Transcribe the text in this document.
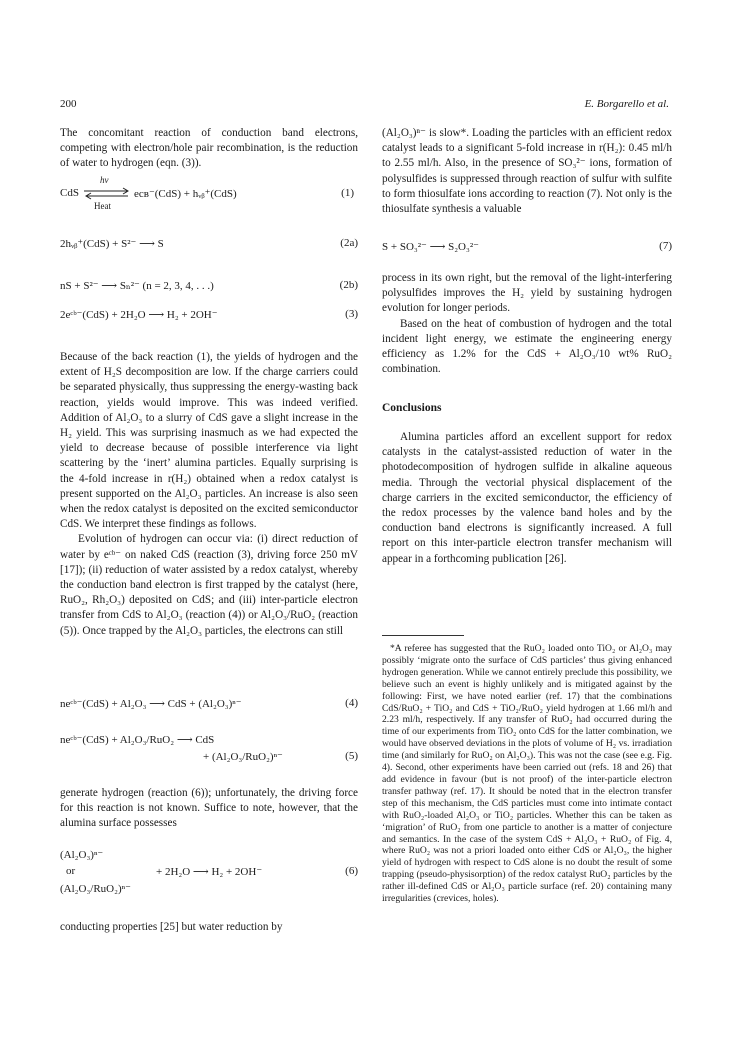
200	E. Borgarello et al.

The concomitant reaction of conduction band electrons, competing with electron/hole pair recombination, is the reduction of water to hydrogen (eqn. (3)).

CdS
hν
Heat
eсв⁻(CdS) + hᵥᵦ⁺(CdS)	(1)
2hᵥᵦ⁺(CdS) + S²⁻ ⟶ S	(2a)
nS + S²⁻ ⟶ Sₙ²⁻ (n = 2, 3, 4, . . .)	(2b)
2eᶜᵇ⁻(CdS) + 2H₂O ⟶ H₂ + 2OH⁻	(3)

Because of the back reaction (1), the yields of hydrogen and the extent of H₂S decomposition are low. If the charge carriers could be separated physically, thus suppressing the energy-wasting back reaction, yields would improve. This was indeed verified. Addition of Al₂O₃ to a slurry of CdS gave a slight increase in the H₂ yield. This was surprising inasmuch as we had expected the yield to decrease because of possible interference via light scattering by the ‘inert’ alumina particles. Equally surprising is the 4-fold increase in r(H₂) obtained when a redox catalyst is present supported on the Al₂O₃ particles. An increase is also seen when the redox catalyst is deposited on the excited semiconductor CdS. We interpret these findings as follows.

Evolution of hydrogen can occur via: (i) direct reduction of water by eᶜᵇ⁻ on naked CdS (reaction (3), driving force 250 mV [17]); (ii) reduction of water assisted by a redox catalyst, whereby the conduction band electron is first trapped by the catalyst (here, RuO₂, Rh₂O₃) deposited on CdS; and (iii) inter-particle electron transfer from CdS to Al₂O₃ (reaction (4)) or Al₂O₃/RuO₂ (reaction (5)). Once trapped by the Al₂O₃ particles, the electrons can still

neᶜᵇ⁻(CdS) + Al₂O₃ ⟶ CdS + (Al₂O₃)ⁿ⁻	(4)
neᶜᵇ⁻(CdS) + Al₂O₃/RuO₂ ⟶ CdS
+ (Al₂O₃/RuO₂)ⁿ⁻	(5)

generate hydrogen (reaction (6)); unfortunately, the driving force for this reaction is not known. Suffice to note, however, that the alumina surface possesses

(Al₂O₃)ⁿ⁻
or	+ 2H₂O ⟶ H₂ + 2OH⁻
(Al₂O₃/RuO₂)ⁿ⁻
(6)

conducting properties [25] but water reduction by

(Al₂O₃)ⁿ⁻ is slow*. Loading the particles with an efficient redox catalyst leads to a significant 5-fold increase in r(H₂): 0.45 ml/h to 2.55 ml/h. Also, in the presence of SO₃²⁻ ions, formation of polysulfides is suppressed through reaction of sulfur with sulfite to form thiosulfate ions according to reaction (7). Not only is the thiosulfate synthesis a valuable

S + SO₃²⁻ ⟶ S₂O₃²⁻	(7)

process in its own right, but the removal of the light-interfering polysulfides improves the H₂ yield by sustaining hydrogen evolution for longer periods.

Based on the heat of combustion of hydrogen and the total incident light energy, we estimate the engineering energy efficiency as 1.2% for the CdS + Al₂O₃/10 wt% RuO₂ combination.

Conclusions

Alumina particles afford an excellent support for redox catalysts in the catalyst-assisted reduction of water in the photodecomposition of hydrogen sulfide in alkaline aqueous media. Through the vectorial physical displacement of the charge carriers in the excited semiconductor, the efficiency of the redox processes by the valence band holes and by the conduction band electrons is significantly increased. A full report on this inter-particle electron transfer mechanism will appear in a forthcoming publication [26].

*A referee has suggested that the RuO₂ loaded onto TiO₂ or Al₂O₃ may possibly ‘migrate onto the surface of CdS particles’ thus giving enhanced hydrogen generation. While we cannot entirely preclude this possibility, we believe such an event is highly unlikely and is mitigated against by the following: First, we have noted earlier (ref. 17) that the combinations CdS/RuO₂ + TiO₂ and CdS + TiO₂/RuO₂ yield hydrogen at 1.66 ml/h and 2.23 ml/h, respectively. If any transfer of RuO₂ had occurred during the time of our experiments from TiO₂ onto CdS for the latter combination, we would have observed deviations in the plots of volume of H₂ vs. irradiation time (and similarly for RuO₂ on Al₂O₃). This was not the case (see e.g. Fig. 4). Second, other experiments have been carried out (refs. 18 and 26) that add evidence in favour (but is not proof) of the inter-particle electron transfer pathway (ref. 17). It should be noted that in the electron transfer step of this mechanism, the CdS particles must come into intimate contact with RuO₂-loaded Al₂O₃ or TiO₂ particles. Whether this can be taken as ‘migration’ of RuO₂ from one particle to another is a matter of conjecture and semantics. In the case of the system CdS + Al₂O₃ + RuO₂ of Fig. 4, where RuO₂ was not a priori loaded onto either CdS or Al₂O₃, the higher yield of hydrogen with respect to CdS alone is no doubt the result of some trapping (pseudo-physisorption) of the redox catalyst RuO₂ particles by the rather ill-defined CdS or Al₂O₃ particle surface (ref. 20) containing many irregularities (crevices, holes).
